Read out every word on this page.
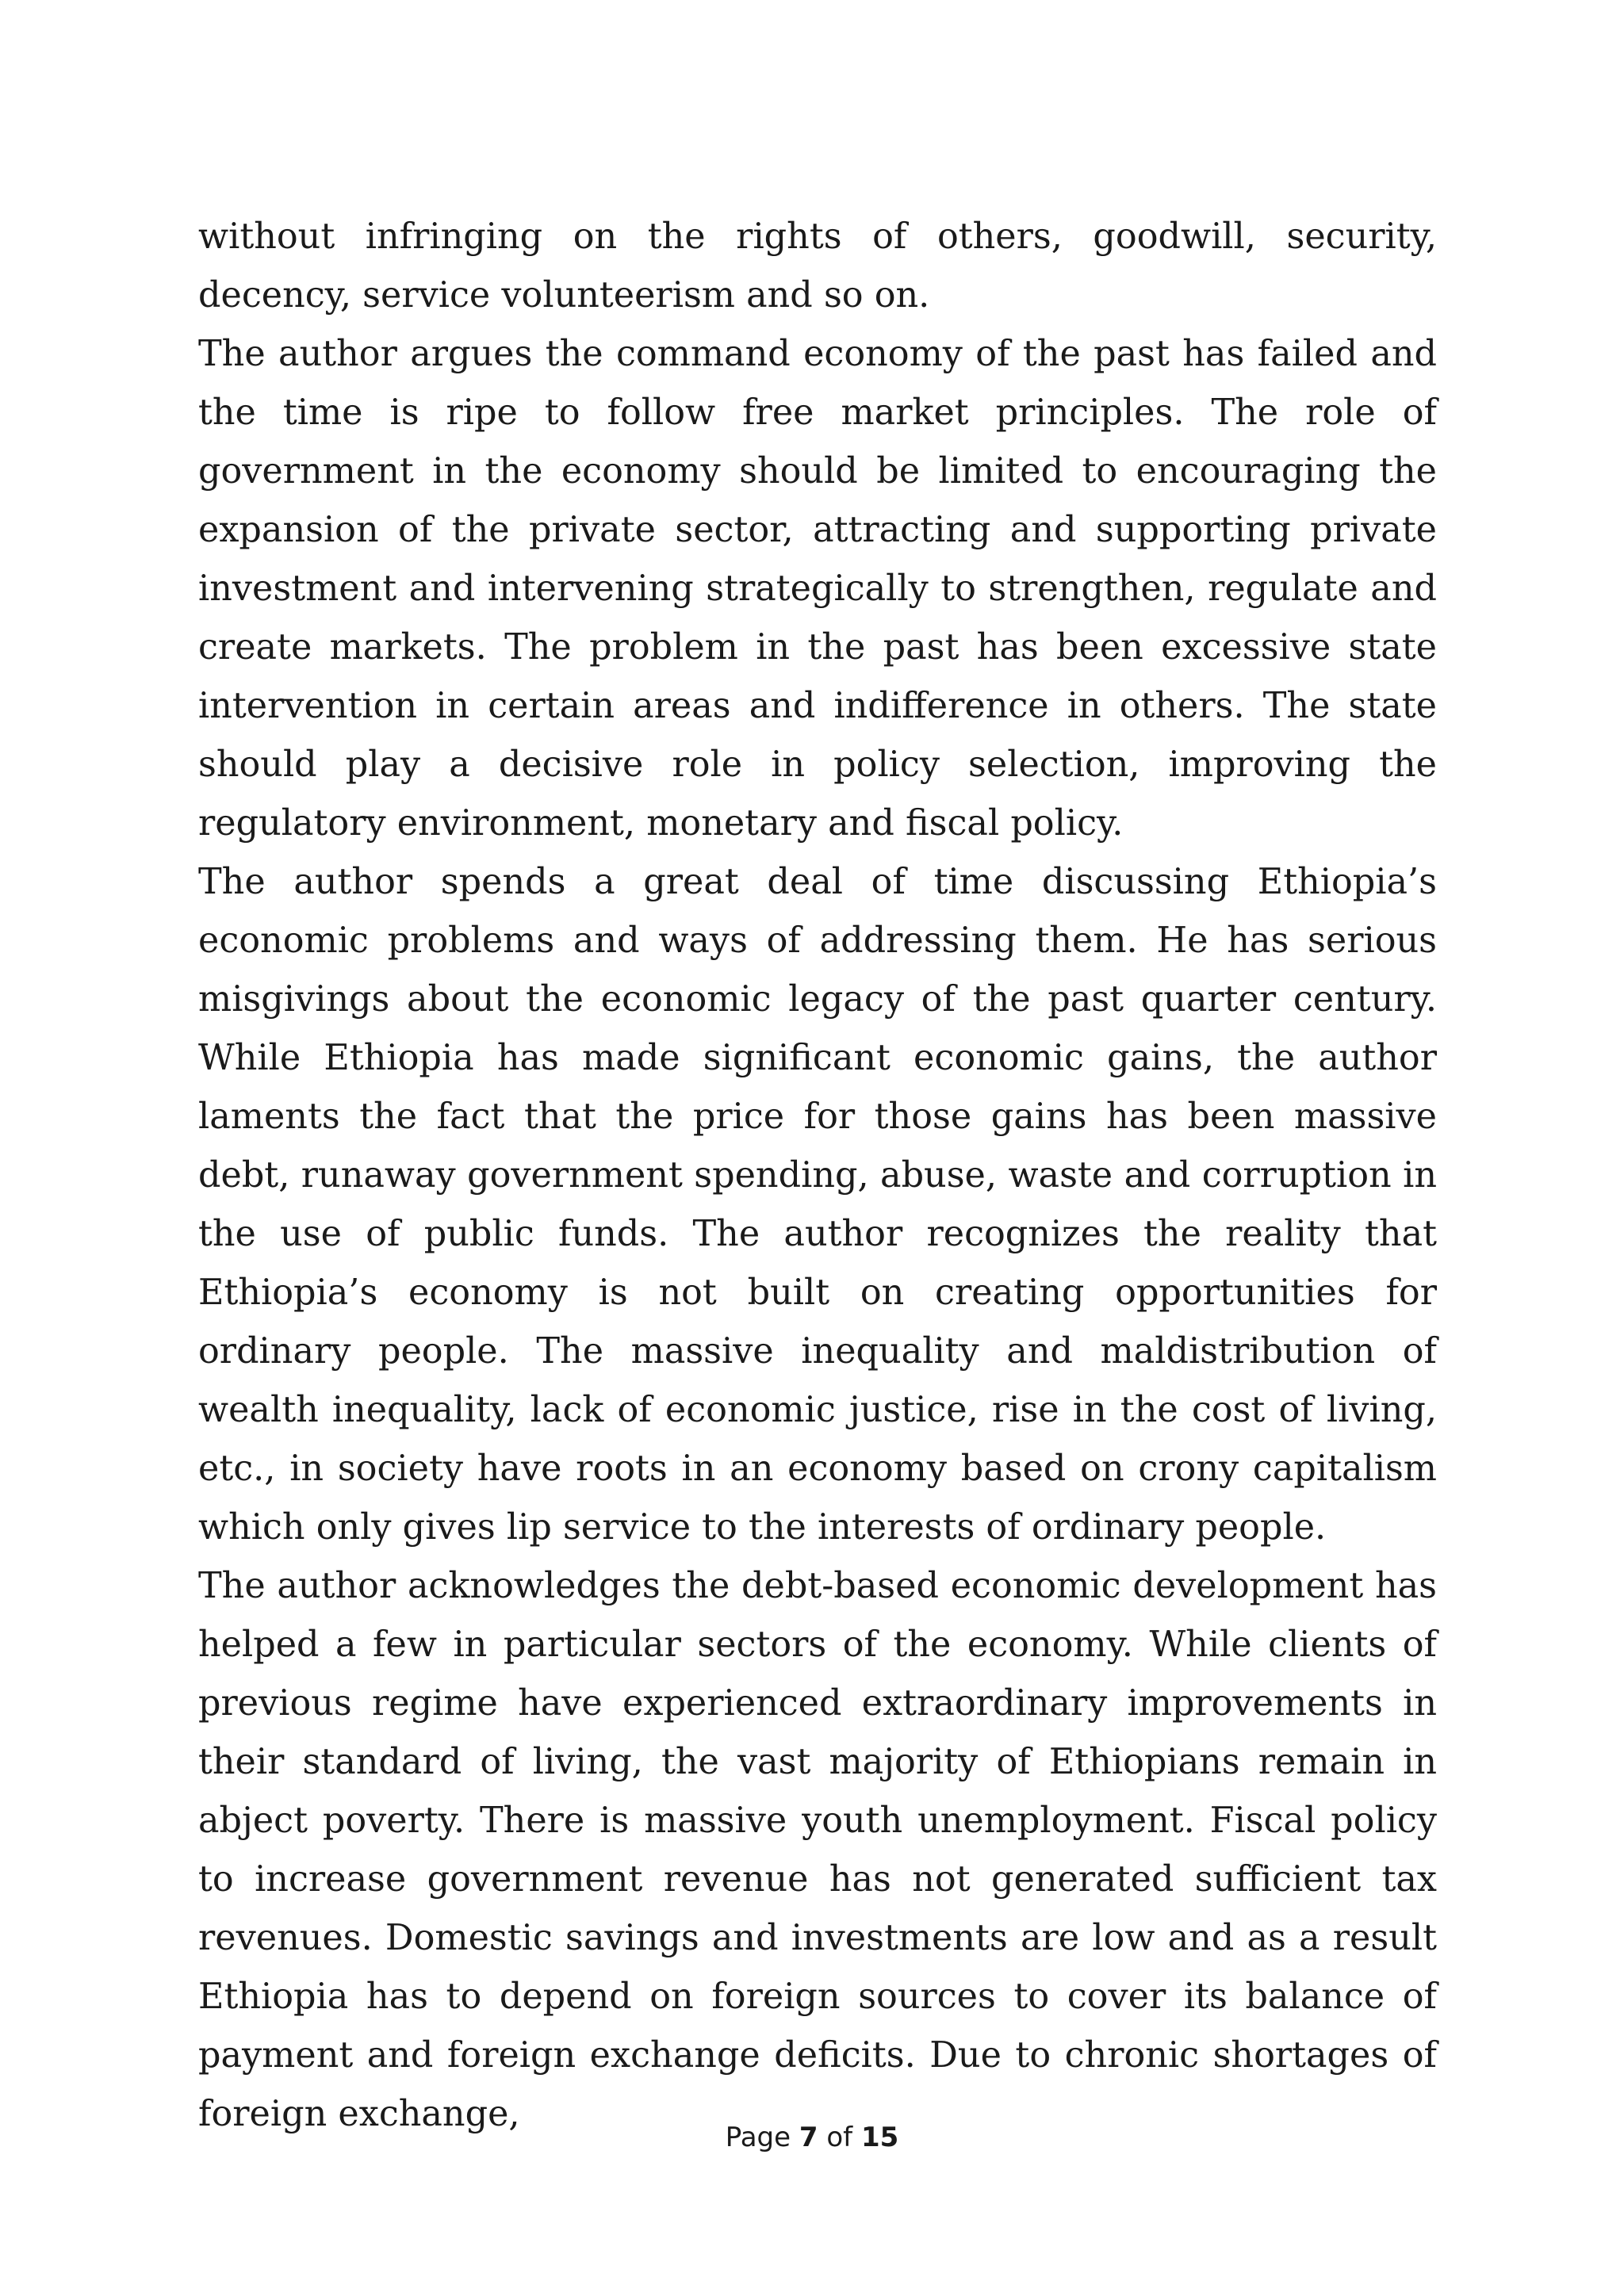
without infringing on the rights of others, goodwill, security, decency, service volunteerism and so on.

The author argues the command economy of the past has failed and the time is ripe to follow free market principles. The role of government in the economy should be limited to encouraging the expansion of the private sector, attracting and supporting private investment and intervening strategically to strengthen, regulate and create markets. The problem in the past has been excessive state intervention in certain areas and indifference in others. The state should play a decisive role in policy selection, improving the regulatory environment, monetary and fiscal policy.

The author spends a great deal of time discussing Ethiopia’s economic problems and ways of addressing them. He has serious misgivings about the economic legacy of the past quarter century. While Ethiopia has made significant economic gains, the author laments the fact that the price for those gains has been massive debt, runaway government spending, abuse, waste and corruption in the use of public funds. The author recognizes the reality that Ethiopia’s economy is not built on creating opportunities for ordinary people. The massive inequality and maldistribution of wealth inequality, lack of economic justice, rise in the cost of living, etc., in society have roots in an economy based on crony capitalism which only gives lip service to the interests of ordinary people.

The author acknowledges the debt-based economic development has helped a few in particular sectors of the economy. While clients of previous regime have experienced extraordinary improvements in their standard of living, the vast majority of Ethiopians remain in abject poverty. There is massive youth unemployment. Fiscal policy to increase government revenue has not generated sufficient tax revenues. Domestic savings and investments are low and as a result Ethiopia has to depend on foreign sources to cover its balance of payment and foreign exchange deficits. Due to chronic shortages of foreign exchange,

Page 7 of 15
